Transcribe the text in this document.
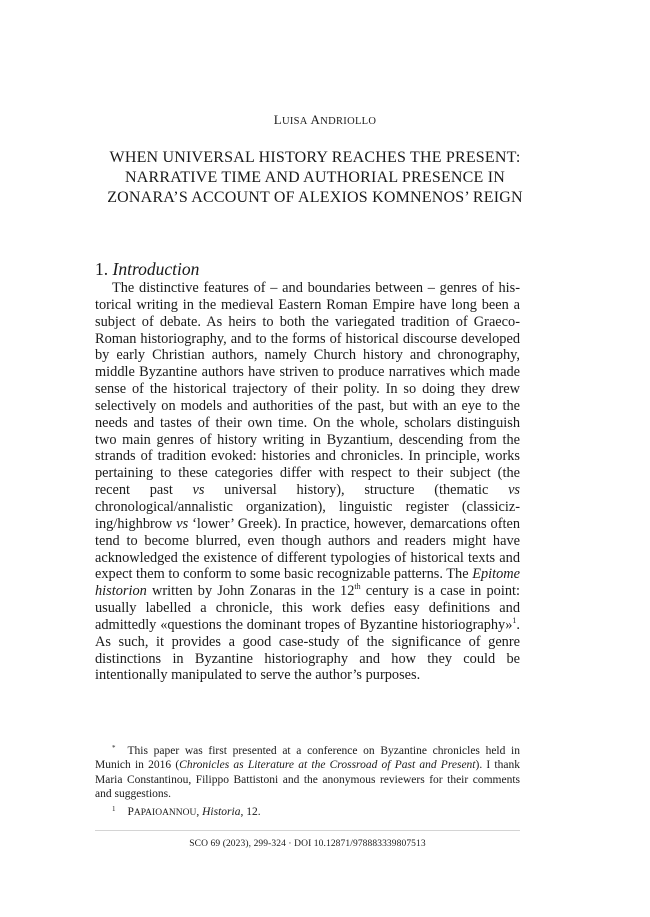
LUISA ANDRIOLLO
WHEN UNIVERSAL HISTORY REACHES THE PRESENT:
NARRATIVE TIME AND AUTHORIAL PRESENCE IN
ZONARA’S ACCOUNT OF ALEXIOS KOMNENOS’ REIGN
1. Introduction

The distinctive features of – and boundaries between – genres of historical writing in the medieval Eastern Roman Empire have long been a subject of debate. As heirs to both the variegated tradition of Graeco-Roman historiography, and to the forms of historical discourse developed by early Christian authors, namely Church history and chronography, middle Byzantine authors have striven to produce narratives which made sense of the historical trajectory of their polity. In so doing they drew selectively on models and authorities of the past, but with an eye to the needs and tastes of their own time. On the whole, scholars distinguish two main genres of history writing in Byzantium, descending from the strands of tradition evoked: histories and chronicles. In principle, works pertaining to these categories differ with respect to their subject (the recent past vs universal history), structure (thematic vs chronological/annalistic organization), linguistic register (classicizing/highbrow vs ‘lower’ Greek). In practice, however, demarcations often tend to become blurred, even though authors and readers might have acknowledged the existence of different typologies of historical texts and expect them to conform to some basic recognizable patterns. The Epitome historion written by John Zonaras in the 12th century is a case in point: usually labelled a chronicle, this work defies easy definitions and admittedly «questions the dominant tropes of Byzantine historiography»$^1$. As such, it provides a good case-study of the significance of genre distinctions in Byzantine historiography and how they could be intentionally manipulated to serve the author’s purposes.

* This paper was first presented at a conference on Byzantine chronicles held in Munich in 2016 (Chronicles as Literature at the Crossroad of Past and Present). I thank Maria Constantinou, Filippo Battistoni and the anonymous reviewers for their comments and suggestions.

$^1$ PAPAIOANNOU, Historia, 12.

SCO 69 (2023), 299-324 · DOI 10.12871/978883339807513
